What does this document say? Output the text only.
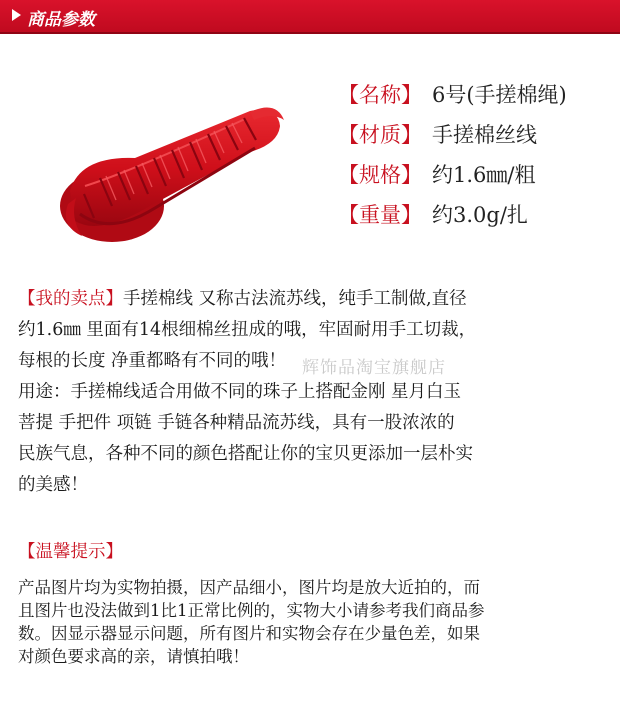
商品参数
【名称】 6号(手搓棉绳)
【材质】 手搓棉丝线
【规格】 约1.6㎜/粗
【重量】 约3.0g/扎
【我的卖点】手搓棉线 又称古法流苏线，纯手工制做,直径
约1.6㎜ 里面有14根细棉丝扭成的哦，牢固耐用手工切裁，
每根的长度 净重都略有不同的哦！
用途：手搓棉线适合用做不同的珠子上搭配金刚 星月白玉
菩提 手把件 项链 手链各种精品流苏线，具有一股浓浓的
民族气息，各种不同的颜色搭配让你的宝贝更添加一层朴实
的美感！
辉饰品淘宝旗舰店
【温馨提示】
产品图片均为实物拍摄，因产品细小，图片均是放大近拍的，而
且图片也没法做到1比1正常比例的，实物大小请参考我们商品参
数。因显示器显示问题，所有图片和实物会存在少量色差，如果
对颜色要求高的亲，请慎拍哦！
